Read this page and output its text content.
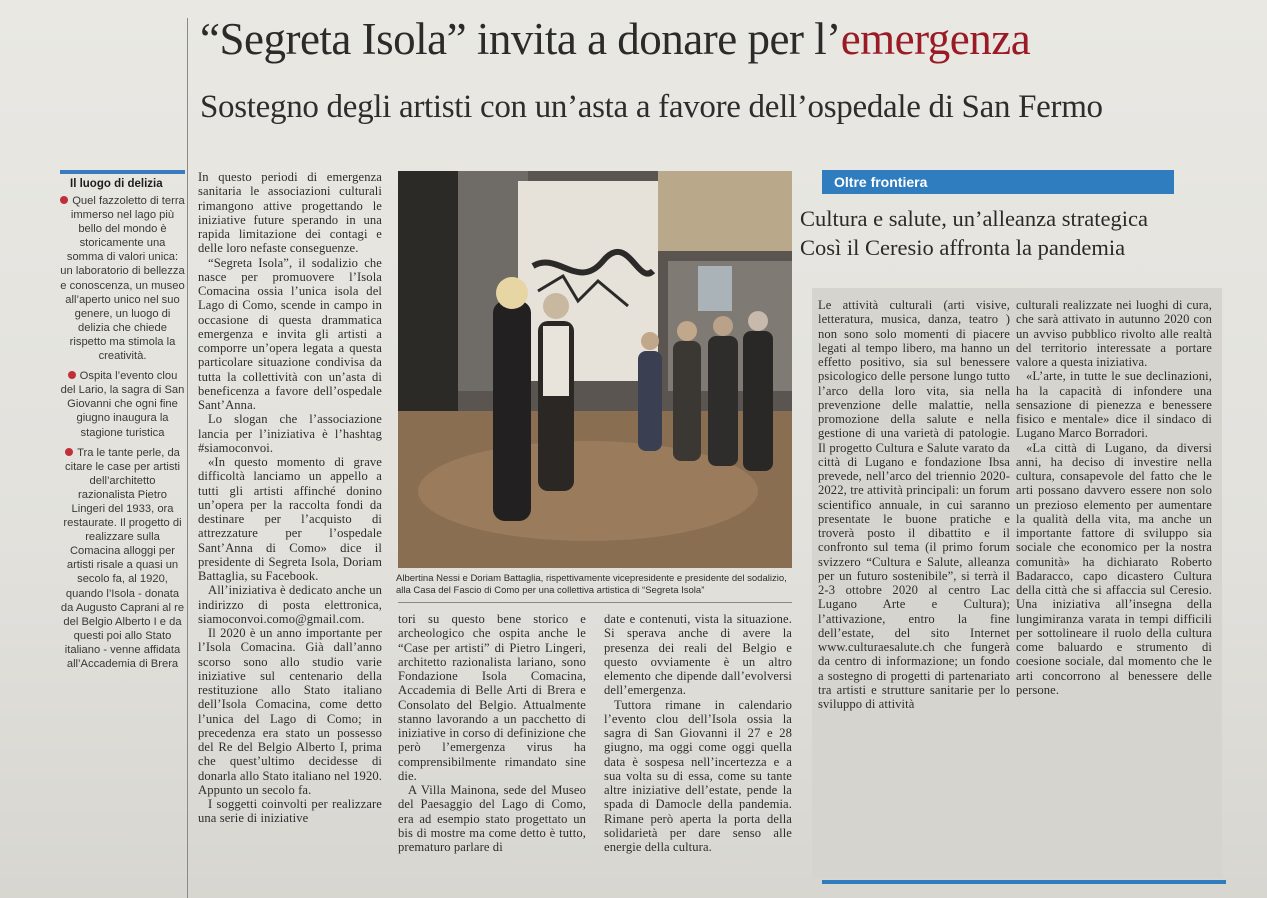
“Segreta Isola” invita a donare per l’emergenza
Sostegno degli artisti con un’asta a favore dell’ospedale di San Fermo
Il luogo di delizia
Quel fazzoletto di terra immerso nel lago più bello del mondo è storicamente una somma di valori unica: un laboratorio di bellezza e conoscenza, un museo all’aperto unico nel suo genere, un luogo di delizia che chiede rispetto ma stimola la creatività.
Ospita l’evento clou del Lario, la sagra di San Giovanni che ogni fine giugno inaugura la stagione turistica
Tra le tante perle, da citare le case per artisti dell’architetto razionalista Pietro Lingeri del 1933, ora restaurate. Il progetto di realizzare sulla Comacina alloggi per artisti risale a quasi un secolo fa, al 1920, quando l’Isola - donata da Augusto Caprani al re del Belgio Alberto I e da questi poi allo Stato italiano - venne affidata all’Accademia di Brera

In questo periodi di emergenza sanitaria le associazioni culturali rimangono attive progettando le iniziative future sperando in una rapida limitazione dei contagi e delle loro nefaste conseguenze.

“Segreta Isola”, il sodalizio che nasce per promuovere l’Isola Comacina ossia l’unica isola del Lago di Como, scende in campo in occasione di questa drammatica emergenza e invita gli artisti a comporre un’opera legata a questa particolare situazione condivisa da tutta la collettività con un’asta di beneficenza a favore dell’ospedale Sant’Anna.

Lo slogan che l’associazione lancia per l’iniziativa è l’hashtag #siamoconvoi.

«In questo momento di grave difficoltà lanciamo un appello a tutti gli artisti affinché donino un’opera per la raccolta fondi da destinare per l’acquisto di attrezzature per l’ospedale Sant’Anna di Como» dice il presidente di Segreta Isola, Doriam Battaglia, su Facebook.

All’iniziativa è dedicato anche un indirizzo di posta elettronica, siamoconvoi.como@gmail.com.

Il 2020 è un anno importante per l’Isola Comacina. Già dall’anno scorso sono allo studio varie iniziative sul centenario della restituzione allo Stato italiano dell’Isola Comacina, come detto l’unica del Lago di Como; in precedenza era stato un possesso del Re del Belgio Alberto I, prima che quest’ultimo decidesse di donarla allo Stato italiano nel 1920. Appunto un secolo fa.

I soggetti coinvolti per realizzare una serie di iniziative

Albertina Nessi e Doriam Battaglia, rispettivamente vicepresidente e presidente del sodalizio, alla Casa del Fascio di Como per una collettiva artistica di “Segreta Isola”

tori su questo bene storico e archeologico che ospita anche le “Case per artisti” di Pietro Lingeri, architetto razionalista lariano, sono Fondazione Isola Comacina, Accademia di Belle Arti di Brera e Consolato del Belgio. Attualmente stanno lavorando a un pacchetto di iniziative in corso di definizione che però l’emergenza virus ha comprensibilmente rimandato sine die.

A Villa Mainona, sede del Museo del Paesaggio del Lago di Como, era ad esempio stato progettato un bis di mostre ma come detto è tutto, prematuro parlare di

date e contenuti, vista la situazione. Si sperava anche di avere la presenza dei reali del Belgio e questo ovviamente è un altro elemento che dipende dall’evolversi dell’emergenza.

Tuttora rimane in calendario l’evento clou dell’Isola ossia la sagra di San Giovanni il 27 e 28 giugno, ma oggi come oggi quella data è sospesa nell’incertezza e a sua volta su di essa, come su tante altre iniziative dell’estate, pende la spada di Damocle della pandemia. Rimane però aperta la porta della solidarietà per dare senso alle energie della cultura.

Oltre frontiera
Cultura e salute, un’alleanza strategica
Così il Ceresio affronta la pandemia

Le attività culturali (arti visive, letteratura, musica, danza, teatro ) non sono solo momenti di piacere legati al tempo libero, ma hanno un effetto positivo, sia sul benessere psicologico delle persone lungo tutto l’arco della loro vita, sia nella prevenzione delle malattie, nella promozione della salute e nella gestione di una varietà di patologie. Il progetto Cultura e Salute varato da città di Lugano e fondazione Ibsa prevede, nell’arco del triennio 2020-2022, tre attività principali: un forum scientifico annuale, in cui saranno presentate le buone pratiche e troverà posto il dibattito e il confronto sul tema (il primo forum svizzero “Cultura e Salute, alleanza per un futuro sostenibile”, si terrà il 2-3 ottobre 2020 al centro Lac Lugano Arte e Cultura); l’attivazione, entro la fine dell’estate, del sito Internet www.culturaesalute.ch che fungerà da centro di informazione; un fondo a sostegno di progetti di partenariato tra artisti e strutture sanitarie per lo sviluppo di attività

culturali realizzate nei luoghi di cura, che sarà attivato in autunno 2020 con un avviso pubblico rivolto alle realtà del territorio interessate a portare valore a questa iniziativa.

«L’arte, in tutte le sue declinazioni, ha la capacità di infondere una sensazione di pienezza e benessere fisico e mentale» dice il sindaco di Lugano Marco Borradori.

«La città di Lugano, da diversi anni, ha deciso di investire nella cultura, consapevole del fatto che le arti possano davvero essere non solo un prezioso elemento per aumentare la qualità della vita, ma anche un importante fattore di sviluppo sia sociale che economico per la nostra comunità» ha dichiarato Roberto Badaracco, capo dicastero Cultura della città che si affaccia sul Ceresio. Una iniziativa all’insegna della lungimiranza varata in tempi difficili per sottolineare il ruolo della cultura come baluardo e strumento di coesione sociale, dal momento che le arti concorrono al benessere delle persone.
